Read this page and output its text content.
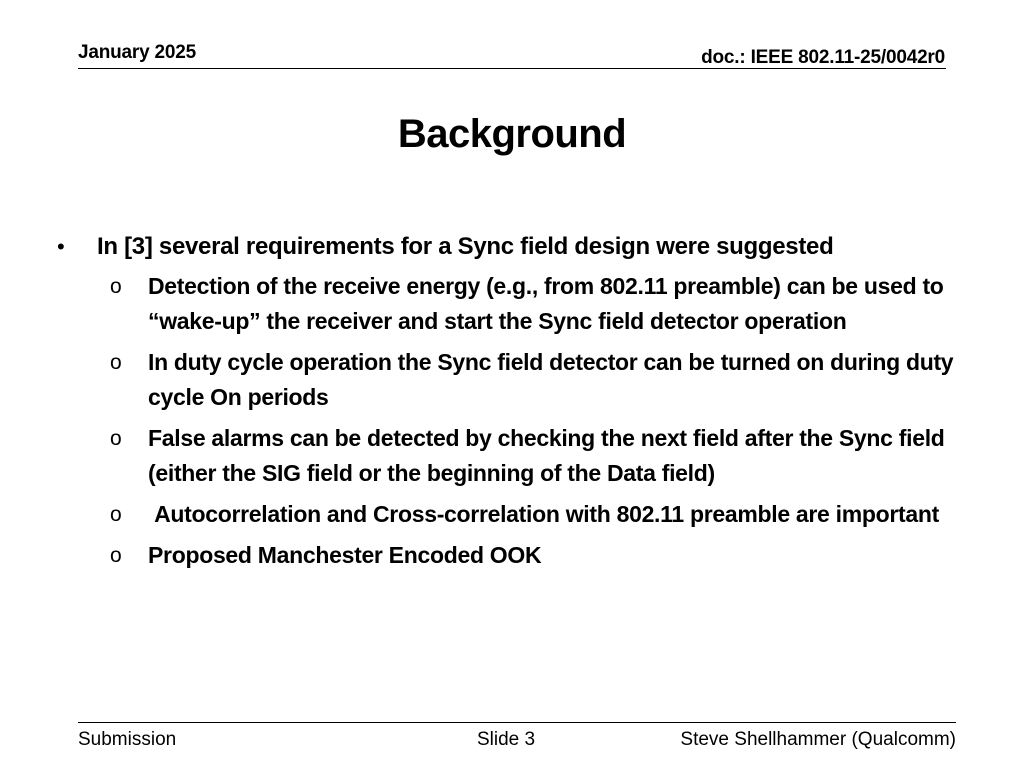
January 2025	doc.: IEEE 802.11-25/0042r0
Background
• In [3] several requirements for a Sync field design were suggested
o Detection of the receive energy (e.g., from 802.11 preamble) can be used to “wake-up” the receiver and start the Sync field detector operation
o In duty cycle operation the Sync field detector can be turned on during duty cycle On periods
o False alarms can be detected by checking the next field after the Sync field (either the SIG field or the beginning of the Data field)
o Autocorrelation and Cross-correlation with 802.11 preamble are important
o Proposed Manchester Encoded OOK
Submission	Slide 3	Steve Shellhammer (Qualcomm)
